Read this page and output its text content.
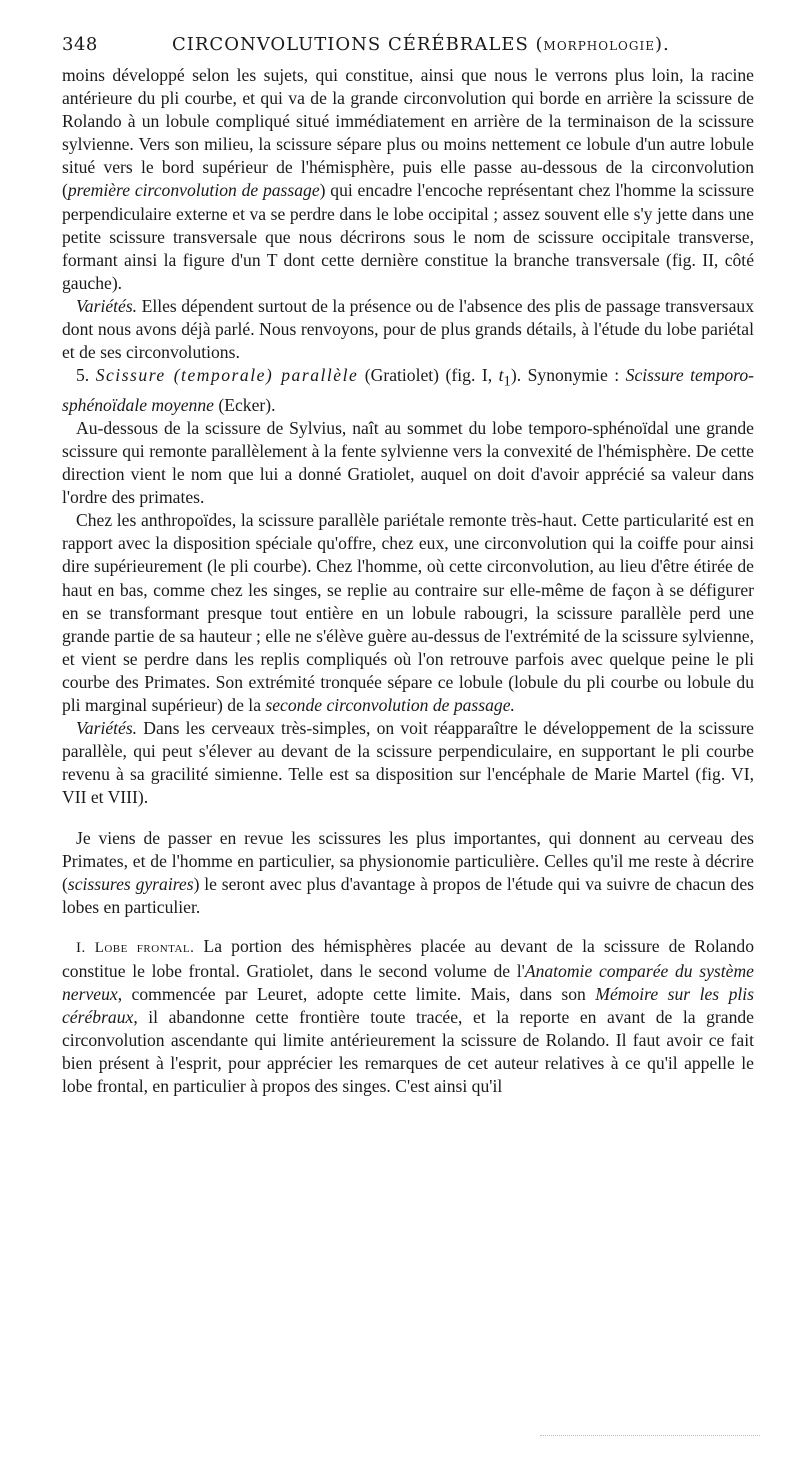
348	CIRCONVOLUTIONS CÉRÉBRALES (MORPHOLOGIE).

moins développé selon les sujets, qui constitue, ainsi que nous le verrons plus loin, la racine antérieure du pli courbe, et qui va de la grande circonvolution qui borde en arrière la scissure de Rolando à un lobule compliqué situé immédiatement en arrière de la terminaison de la scissure sylvienne. Vers son milieu, la scissure sépare plus ou moins nettement ce lobule d'un autre lobule situé vers le bord supérieur de l'hémisphère, puis elle passe au-dessous de la circonvolution (première circonvolution de passage) qui encadre l'encoche représentant chez l'homme la scissure perpendiculaire externe et va se perdre dans le lobe occipital ; assez souvent elle s'y jette dans une petite scissure transversale que nous décrirons sous le nom de scissure occipitale transverse, formant ainsi la figure d'un T dont cette dernière constitue la branche transversale (fig. II, côté gauche).

Variétés. Elles dépendent surtout de la présence ou de l'absence des plis de passage transversaux dont nous avons déjà parlé. Nous renvoyons, pour de plus grands détails, à l'étude du lobe pariétal et de ses circonvolutions.

5. Scissure (temporale) parallèle (Gratiolet) (fig. I, $t_1$). Synonymie : Scissure temporo-sphénoïdale moyenne (Ecker).

Au-dessous de la scissure de Sylvius, naît au sommet du lobe temporo-sphénoïdal une grande scissure qui remonte parallèlement à la fente sylvienne vers la convexité de l'hémisphère. De cette direction vient le nom que lui a donné Gratiolet, auquel on doit d'avoir apprécié sa valeur dans l'ordre des primates.

Chez les anthropoïdes, la scissure parallèle pariétale remonte très-haut. Cette particularité est en rapport avec la disposition spéciale qu'offre, chez eux, une circonvolution qui la coiffe pour ainsi dire supérieurement (le pli courbe). Chez l'homme, où cette circonvolution, au lieu d'être étirée de haut en bas, comme chez les singes, se replie au contraire sur elle-même de façon à se défigurer en se transformant presque tout entière en un lobule rabougri, la scissure parallèle perd une grande partie de sa hauteur ; elle ne s'élève guère au-dessus de l'extrémité de la scissure sylvienne, et vient se perdre dans les replis compliqués où l'on retrouve parfois avec quelque peine le pli courbe des Primates. Son extrémité tronquée sépare ce lobule (lobule du pli courbe ou lobule du pli marginal supérieur) de la seconde circonvolution de passage.

Variétés. Dans les cerveaux très-simples, on voit réapparaître le développement de la scissure parallèle, qui peut s'élever au devant de la scissure perpendiculaire, en supportant le pli courbe revenu à sa gracilité simienne. Telle est sa disposition sur l'encéphale de Marie Martel (fig. VI, VII et VIII).

Je viens de passer en revue les scissures les plus importantes, qui donnent au cerveau des Primates, et de l'homme en particulier, sa physionomie particulière. Celles qu'il me reste à décrire (scissures gyraires) le seront avec plus d'avantage à propos de l'étude qui va suivre de chacun des lobes en particulier.

I. Lobe frontal. La portion des hémisphères placée au devant de la scissure de Rolando constitue le lobe frontal. Gratiolet, dans le second volume de l'Anatomie comparée du système nerveux, commencée par Leuret, adopte cette limite. Mais, dans son Mémoire sur les plis cérébraux, il abandonne cette frontière toute tracée, et la reporte en avant de la grande circonvolution ascendante qui limite antérieurement la scissure de Rolando. Il faut avoir ce fait bien présent à l'esprit, pour apprécier les remarques de cet auteur relatives à ce qu'il appelle le lobe frontal, en particulier à propos des singes. C'est ainsi qu'il
